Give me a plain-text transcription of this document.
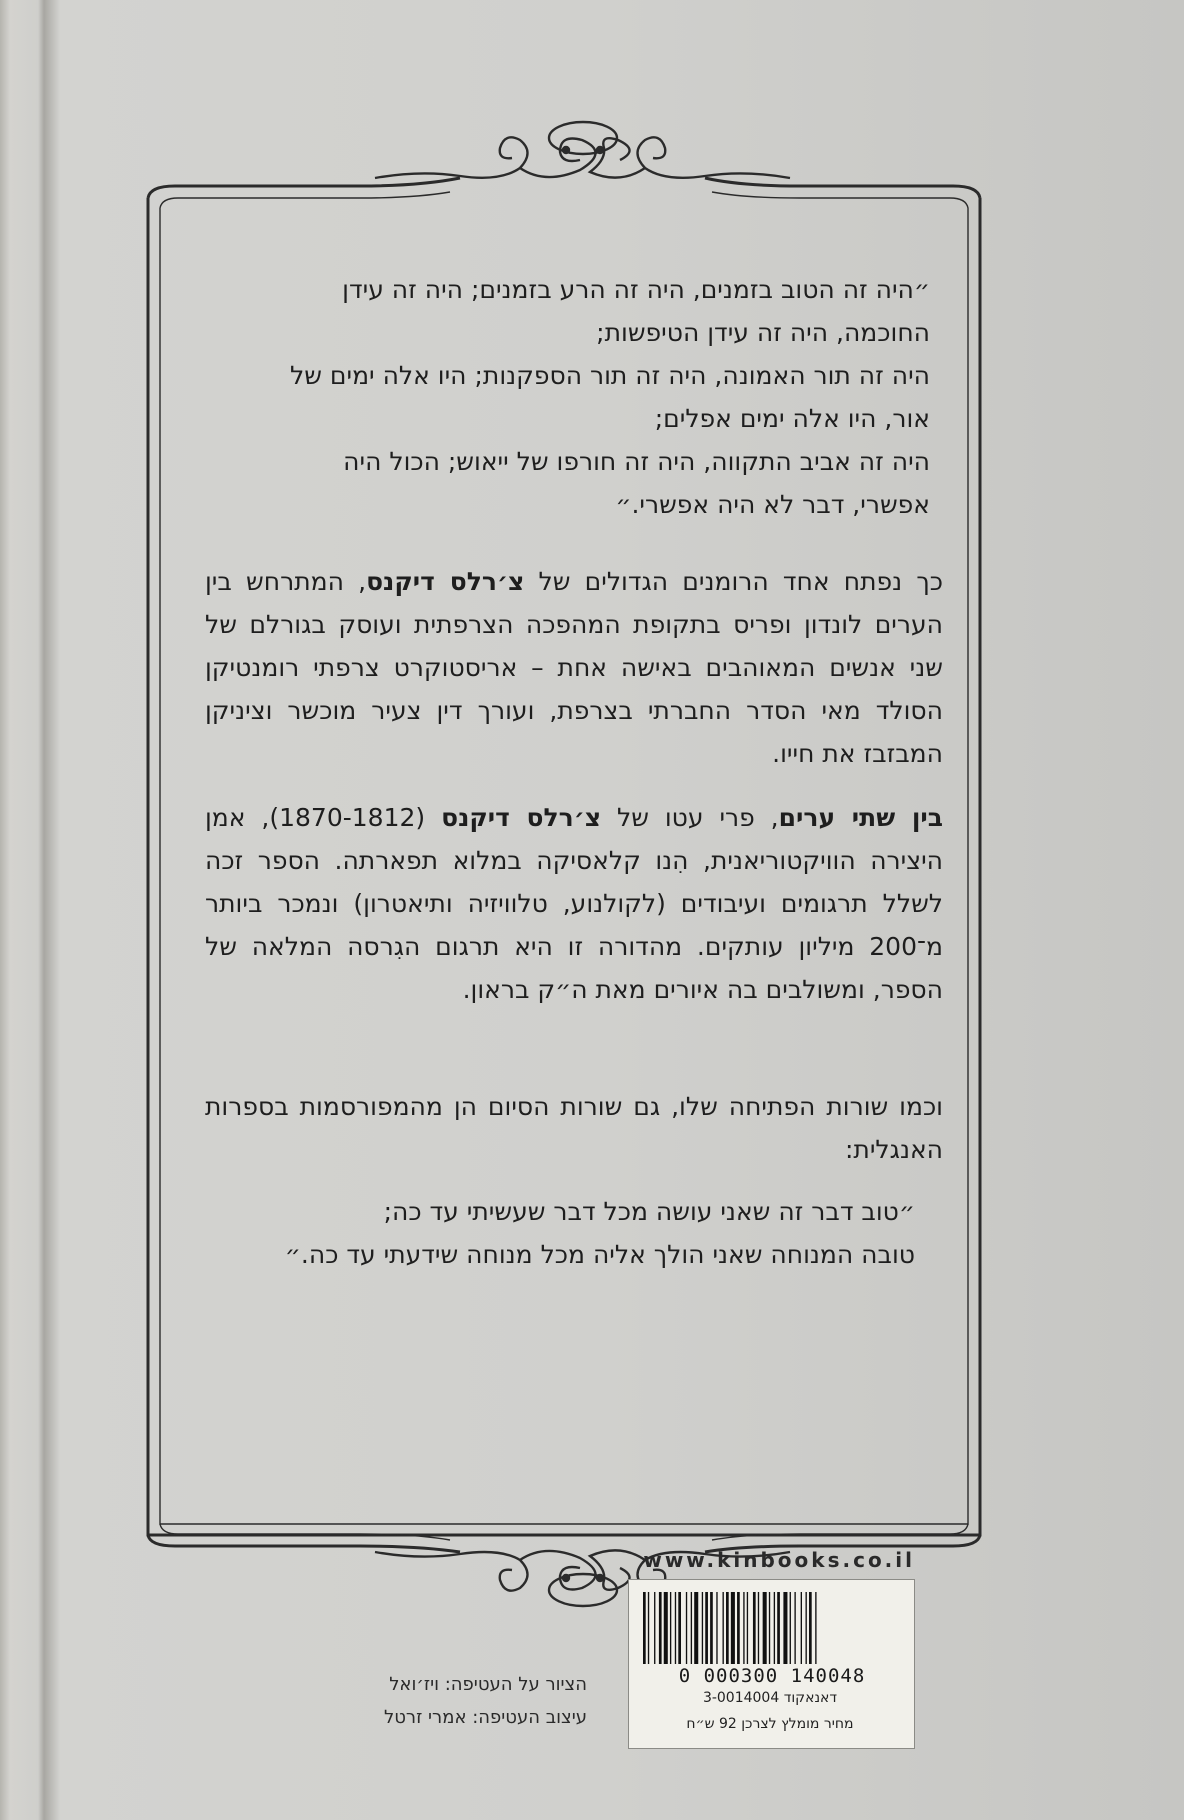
״היה זה הטוב בזמנים, היה זה הרע בזמנים; היה זה עידן

החוכמה, היה זה עידן הטיפשות;

היה זה תור האמונה, היה זה תור הספקנות; היו אלה ימים של

אור, היו אלה ימים אפלים;

היה זה אביב התקווה, היה זה חורפו של ייאוש; הכול היה

אפשרי, דבר לא היה אפשרי.״

כך נפתח אחד הרומנים הגדולים של צ׳רלס דיקנס, המתרחש בין הערים לונדון ופריס בתקופת המהפכה הצרפתית ועוסק בגורלם של שני אנשים המאוהבים באישה אחת – אריסטוקרט צרפתי רומנטיקן הסולד מאי הסדר החברתי בצרפת, ועורך דין צעיר מוכשר וציניקן המבזבז את חייו.

בין שתי ערים, פרי עטו של צ׳רלס דיקנס (1870-1812), אמן היצירה הוויקטוריאנית, הִנו קלאסיקה במלוא תפארתה. הספר זכה לשלל תרגומים ועיבודים (לקולנוע, טלוויזיה ותיאטרון) ונמכר ביותר מ־200 מיליון עותקים. מהדורה זו היא תרגום הגִרסה המלאה של הספר, ומשולבים בה איורים מאת ה״ק בראון.

וכמו שורות הפתיחה שלו, גם שורות הסיום הן מהמפורסמות בספרות האנגלית:

״טוב דבר זה שאני עושה מכל דבר שעשיתי עד כה;
טובה המנוחה שאני הולך אליה מכל מנוחה שידעתי עד כה.״
www.kinbooks.co.il
0 000300 140048
דאנאקוד 3-0014004
מחיר מומלץ לצרכן 92 ש״ח
הציור על העטיפה: ויז׳ואל
עיצוב העטיפה: אמרי זרטל
